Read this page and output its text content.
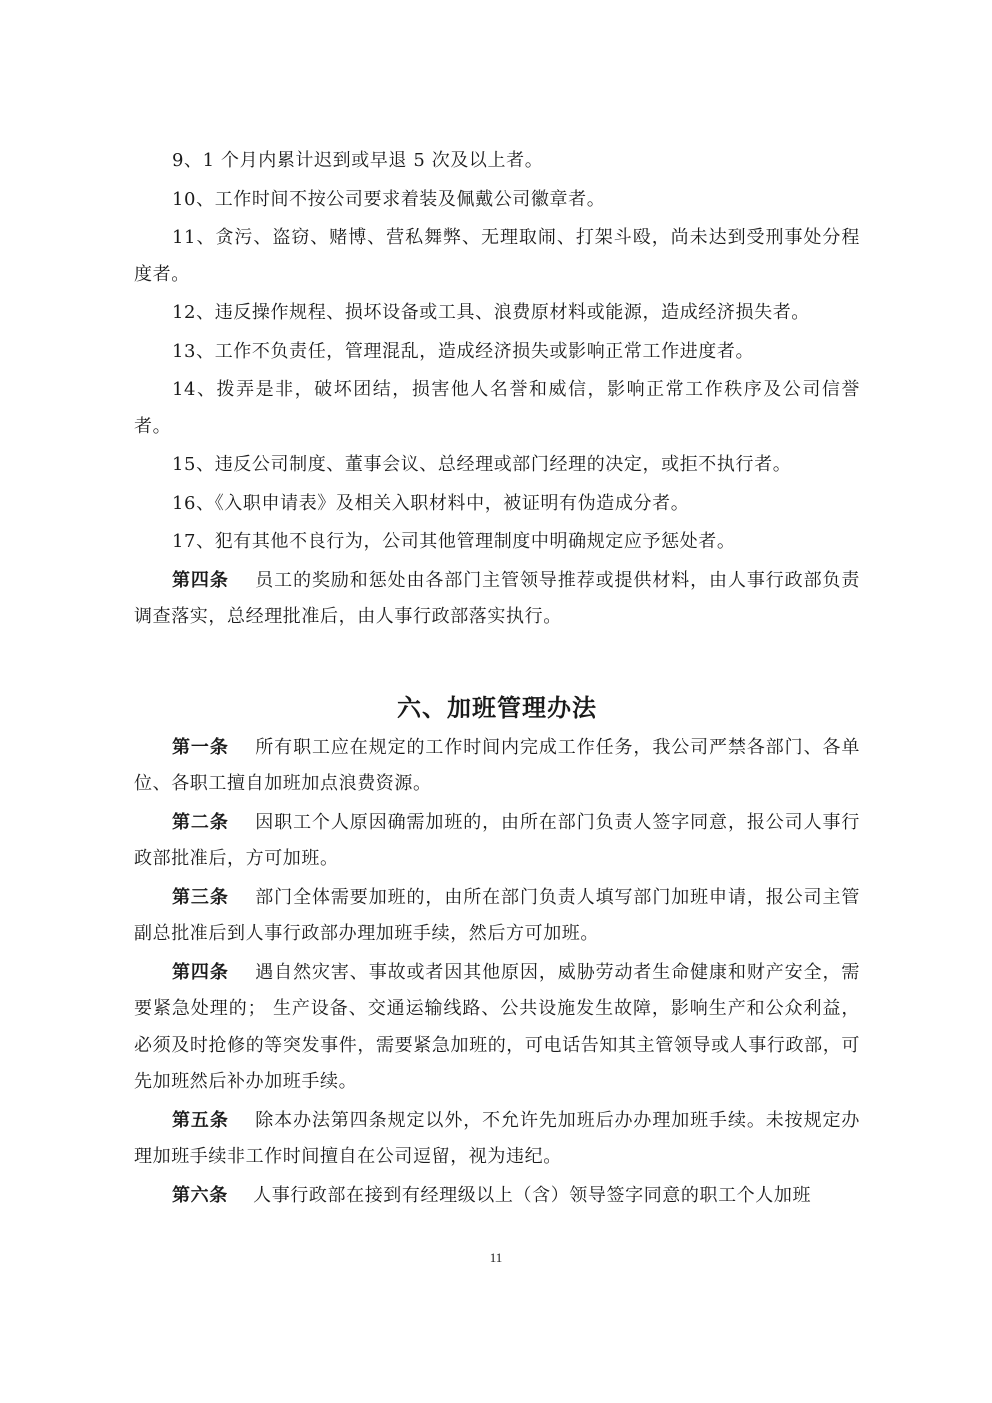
9、1 个月内累计迟到或早退 5 次及以上者。

10、工作时间不按公司要求着装及佩戴公司徽章者。

11、贪污、盗窃、赌博、营私舞弊、无理取闹、打架斗殴，尚未达到受刑事处分程度者。

12、违反操作规程、损坏设备或工具、浪费原材料或能源，造成经济损失者。

13、工作不负责任，管理混乱，造成经济损失或影响正常工作进度者。

14、拨弄是非，破坏团结，损害他人名誉和威信，影响正常工作秩序及公司信誉者。

15、违反公司制度、董事会议、总经理或部门经理的决定，或拒不执行者。

16、《入职申请表》及相关入职材料中，被证明有伪造成分者。

17、犯有其他不良行为，公司其他管理制度中明确规定应予惩处者。

第四条 员工的奖励和惩处由各部门主管领导推荐或提供材料，由人事行政部负责调查落实，总经理批准后，由人事行政部落实执行。

六、加班管理办法

第一条 所有职工应在规定的工作时间内完成工作任务，我公司严禁各部门、各单位、各职工擅自加班加点浪费资源。

第二条 因职工个人原因确需加班的，由所在部门负责人签字同意，报公司人事行政部批准后，方可加班。

第三条 部门全体需要加班的，由所在部门负责人填写部门加班申请，报公司主管副总批准后到人事行政部办理加班手续，然后方可加班。

第四条 遇自然灾害、事故或者因其他原因，威胁劳动者生命健康和财产安全，需要紧急处理的； 生产设备、交通运输线路、公共设施发生故障，影响生产和公众利益，必须及时抢修的等突发事件，需要紧急加班的，可电话告知其主管领导或人事行政部，可先加班然后补办加班手续。

第五条 除本办法第四条规定以外，不允许先加班后办办理加班手续。未按规定办理加班手续非工作时间擅自在公司逗留，视为违纪。

第六条 人事行政部在接到有经理级以上（含）领导签字同意的职工个人加班

11
